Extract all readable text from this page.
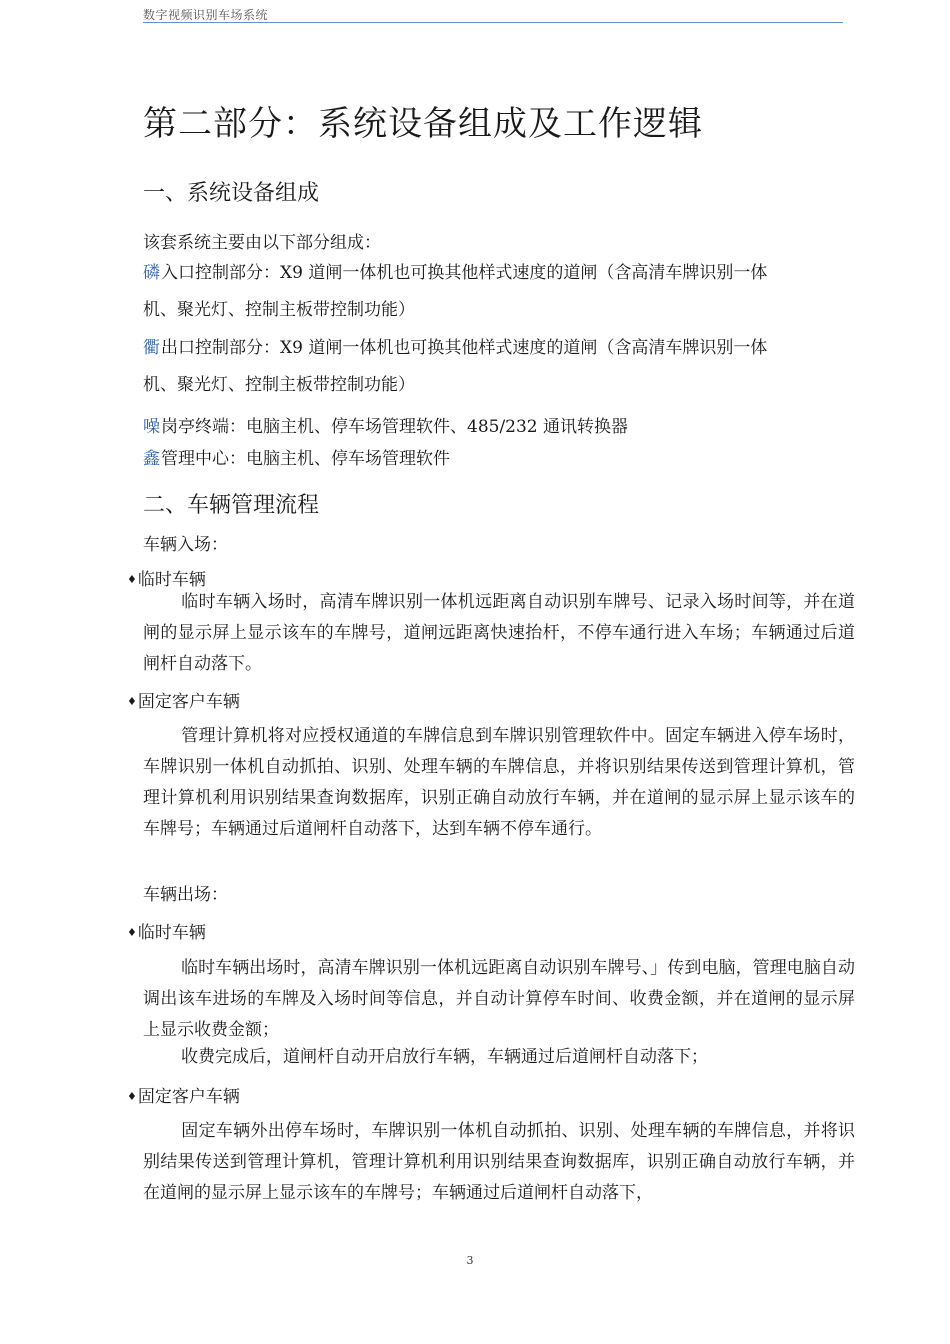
数字视频识别车场系统
第二部分：系统设备组成及工作逻辑
一、系统设备组成
该套系统主要由以下部分组成：
磷入口控制部分：X9 道闸一体机也可换其他样式速度的道闸（含高清车牌识别一体
机、聚光灯、控制主板带控制功能）
衢出口控制部分：X9 道闸一体机也可换其他样式速度的道闸（含高清车牌识别一体
机、聚光灯、控制主板带控制功能）
噪岗亭终端：电脑主机、停车场管理软件、485/232 通讯转换器
鑫管理中心：电脑主机、停车场管理软件
二、车辆管理流程
车辆入场：
♦临时车辆
临时车辆入场时，高清车牌识别一体机远距离自动识别车牌号、记录入场时间等，并在道闸的显示屏上显示该车的车牌号，道闸远距离快速抬杆，不停车通行进入车场；车辆通过后道闸杆自动落下。
♦固定客户车辆
管理计算机将对应授权通道的车牌信息到车牌识别管理软件中。固定车辆进入停车场时，车牌识别一体机自动抓拍、识别、处理车辆的车牌信息，并将识别结果传送到管理计算机，管理计算机利用识别结果查询数据库，识别正确自动放行车辆，并在道闸的显示屏上显示该车的车牌号；车辆通过后道闸杆自动落下，达到车辆不停车通行。
车辆出场：
♦临时车辆
临时车辆出场时，高清车牌识别一体机远距离自动识别车牌号、」传到电脑，管理电脑自动调出该车进场的车牌及入场时间等信息，并自动计算停车时间、收费金额，并在道闸的显示屏上显示收费金额；
收费完成后，道闸杆自动开启放行车辆，车辆通过后道闸杆自动落下；
♦固定客户车辆
固定车辆外出停车场时，车牌识别一体机自动抓拍、识别、处理车辆的车牌信息，并将识别结果传送到管理计算机，管理计算机利用识别结果查询数据库，识别正确自动放行车辆，并在道闸的显示屏上显示该车的车牌号；车辆通过后道闸杆自动落下，
3
